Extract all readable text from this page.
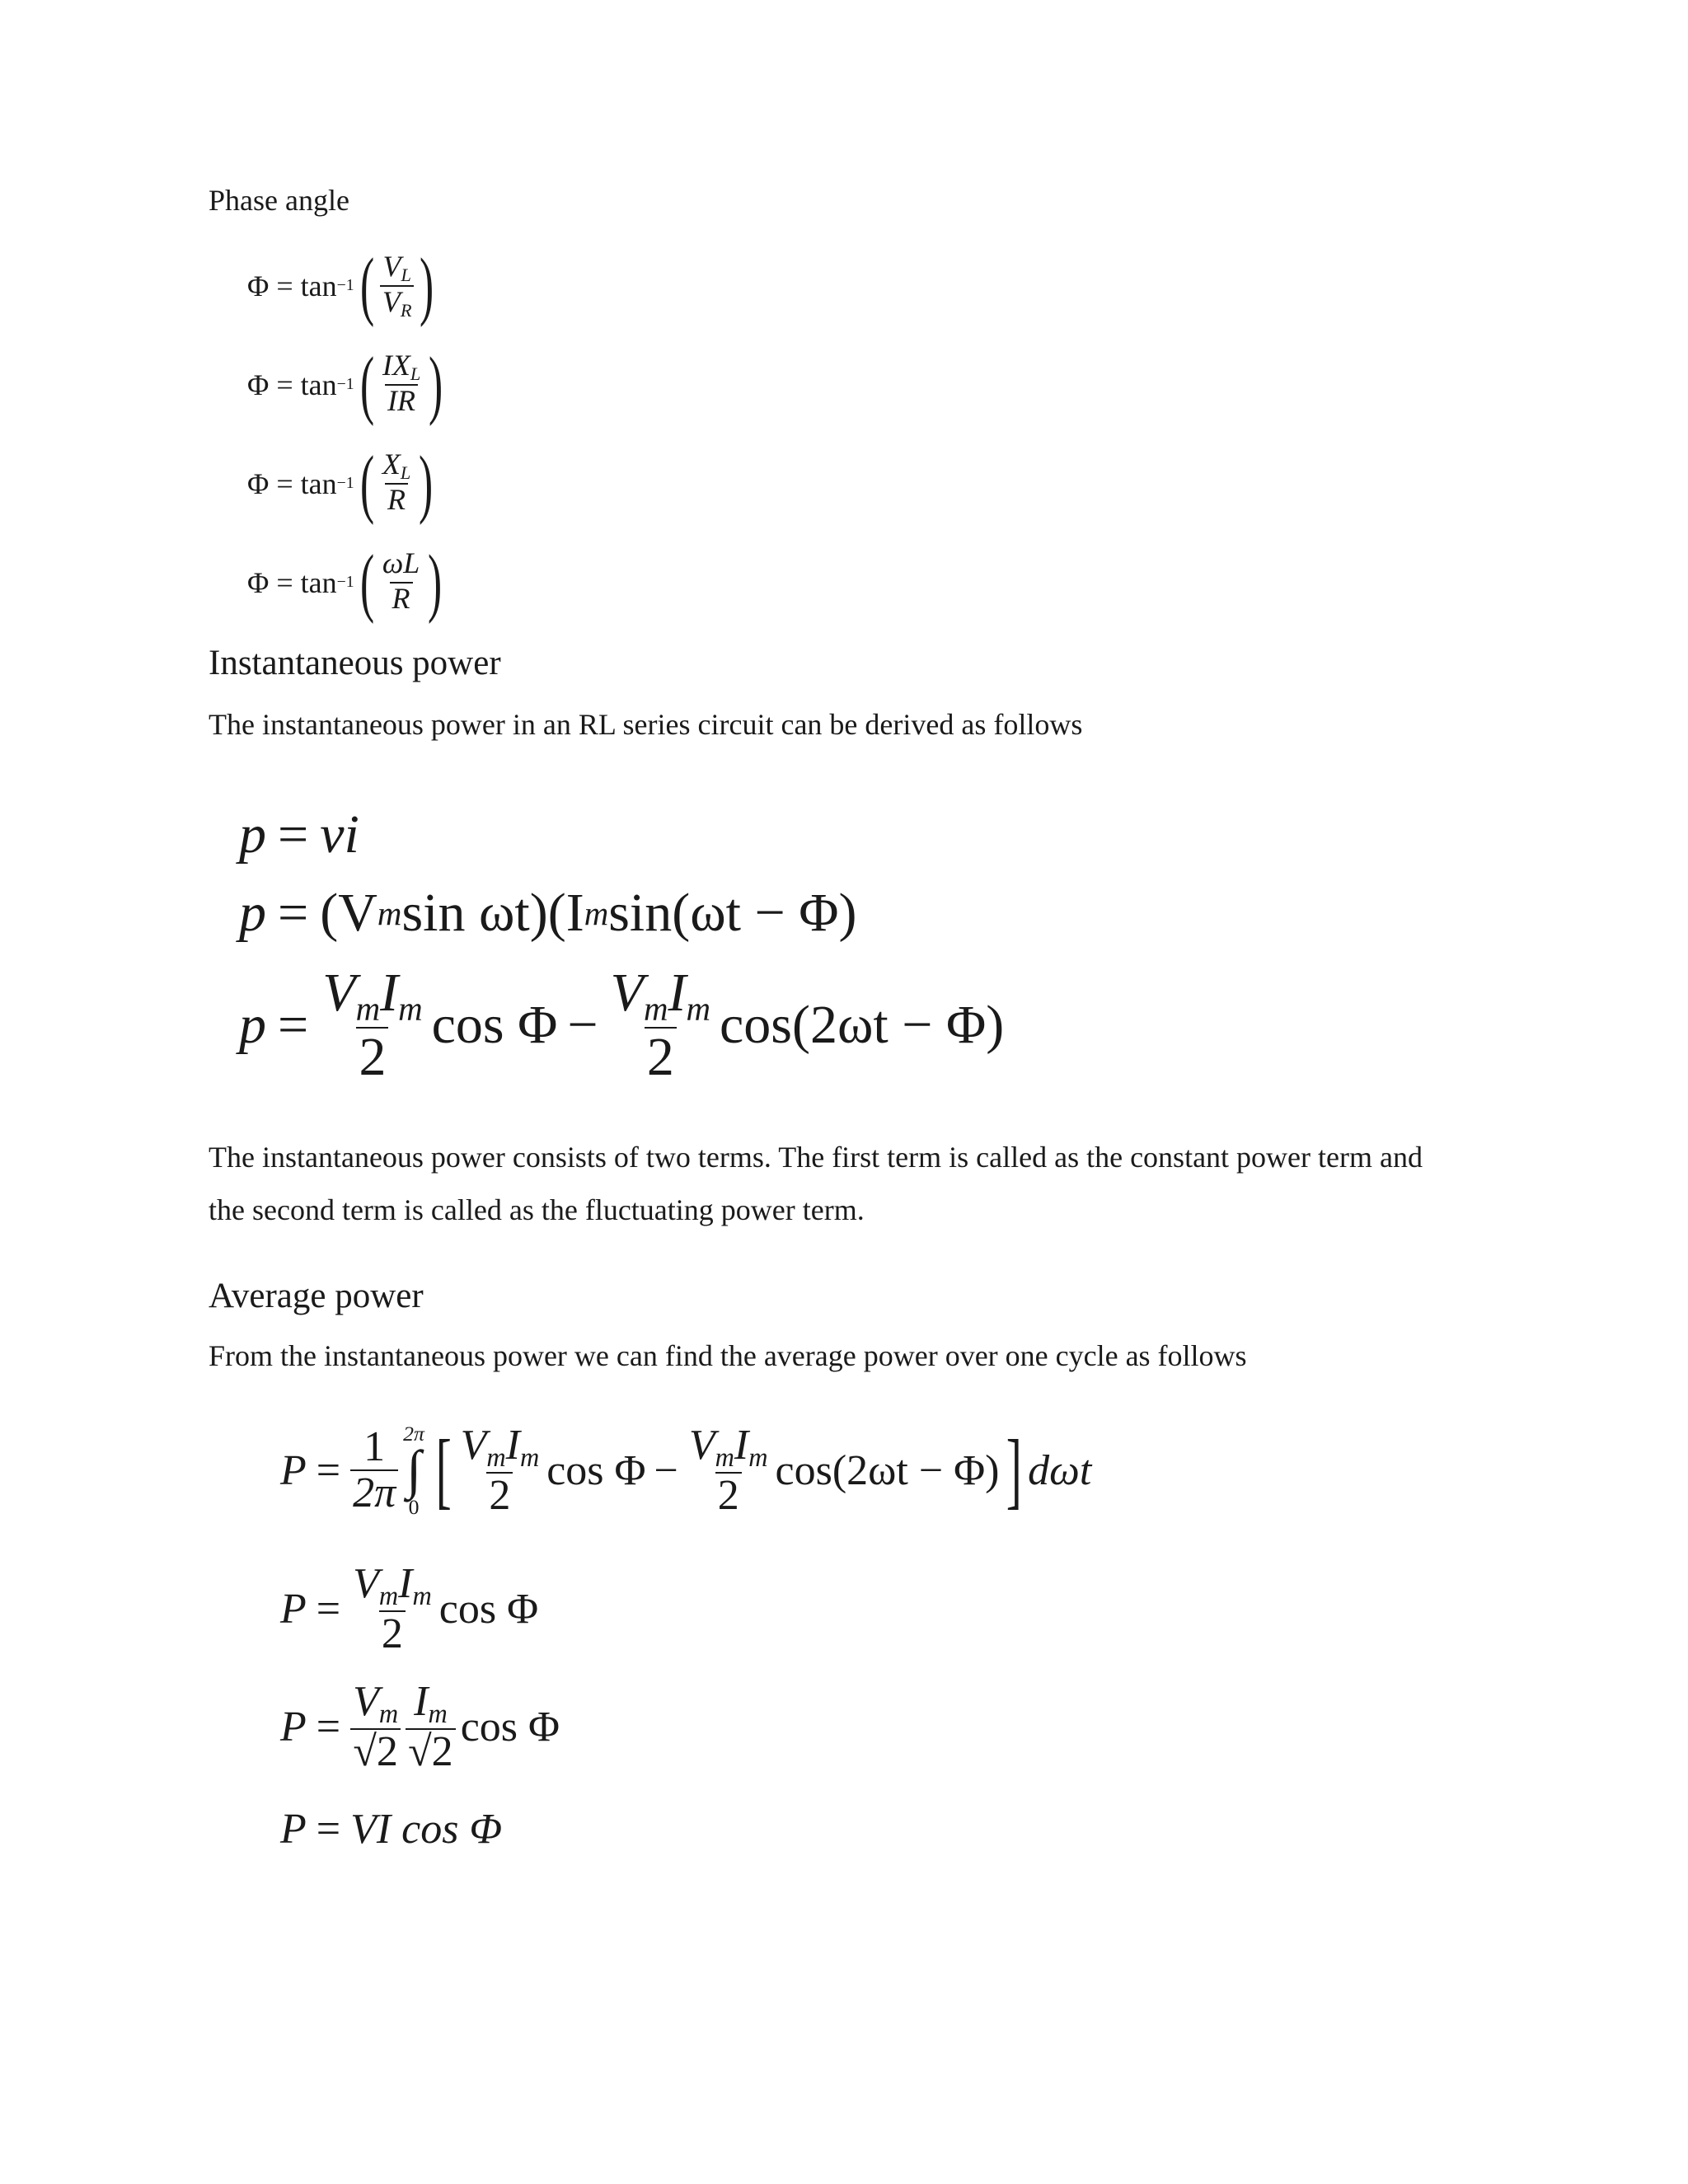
Phase angle
Φ = tan −1 ( $\frac{V_L}{V_R}$ )
Φ = tan −1 ( $\frac{IX_L}{IR}$ )
Φ = tan −1 ( $\frac{X_L}{R}$ )
Φ = tan −1 ( $\frac{\omega L}{R}$ )
Instantaneous power
The instantaneous power in an RL series circuit can be derived as follows
p = vi
p = (V m sin ωt)(I m sin(ωt − Φ)
$p = \frac{V_mI_m}{2}$ $\cos \Phi - \frac{V_mI_m}{2} \cos(2\omega t - \Phi)$
The instantaneous power consists of two terms. The first term is called as the constant power term and the second term is called as the fluctuating power term.
Average power
From the instantaneous power we can find the average power over one cycle as follows
$P = \frac{1}{2\pi} 2\pi$
∫
0 [ $\frac{V_mI_m}{2}$ $\cos \Phi - \frac{V_mI_m}{2} \cos(2\omega t - \Phi)$ ] dωt
$P = \frac{V_mI_m}{2}$ cos Φ
$P = \frac{V_m}{√2} \frac{I_m}{√2}$ cos Φ
P = VI cos Φ
